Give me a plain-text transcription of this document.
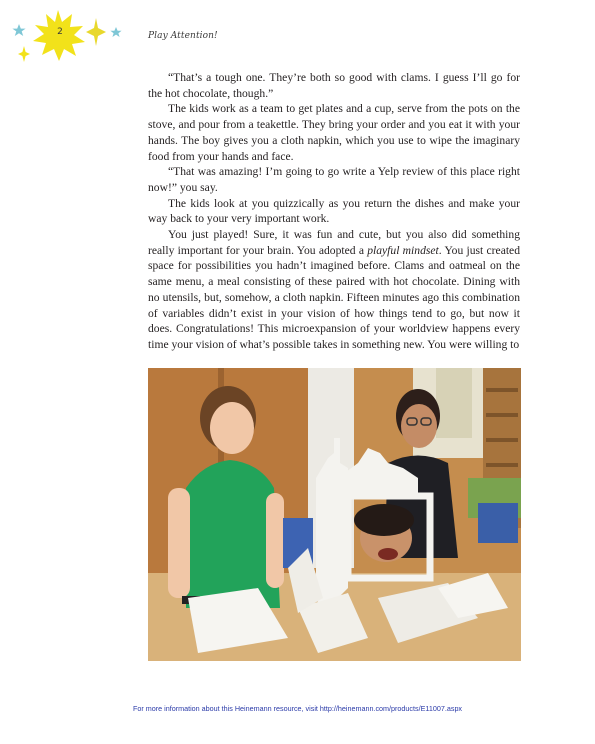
2	Play Attention!

“That’s a tough one. They’re both so good with clams. I guess I’ll go for the hot chocolate, though.”

The kids work as a team to get plates and a cup, serve from the pots on the stove, and pour from a teakettle. They bring your order and you eat it with your hands. The boy gives you a cloth napkin, which you use to wipe the imaginary food from your hands and face.

“That was amazing! I’m going to go write a Yelp review of this place right now!” you say.

The kids look at you quizzically as you return the dishes and make your way back to your very important work.

You just played! Sure, it was fun and cute, but you also did something really important for your brain. You adopted a playful mindset. You just created space for possibilities you hadn’t imagined before. Clams and oatmeal on the same menu, a meal consisting of these paired with hot chocolate. Dining with no utensils, but, somehow, a cloth napkin. Fifteen minutes ago this combination of variables didn’t exist in your vision of how things tend to go, but now it does. Congratulations! This microexpansion of your worldview happens every time your vision of what’s possible takes in something new. You were willing to

For more information about this Heinemann resource, visit http://heinemann.com/products/E11007.aspx
